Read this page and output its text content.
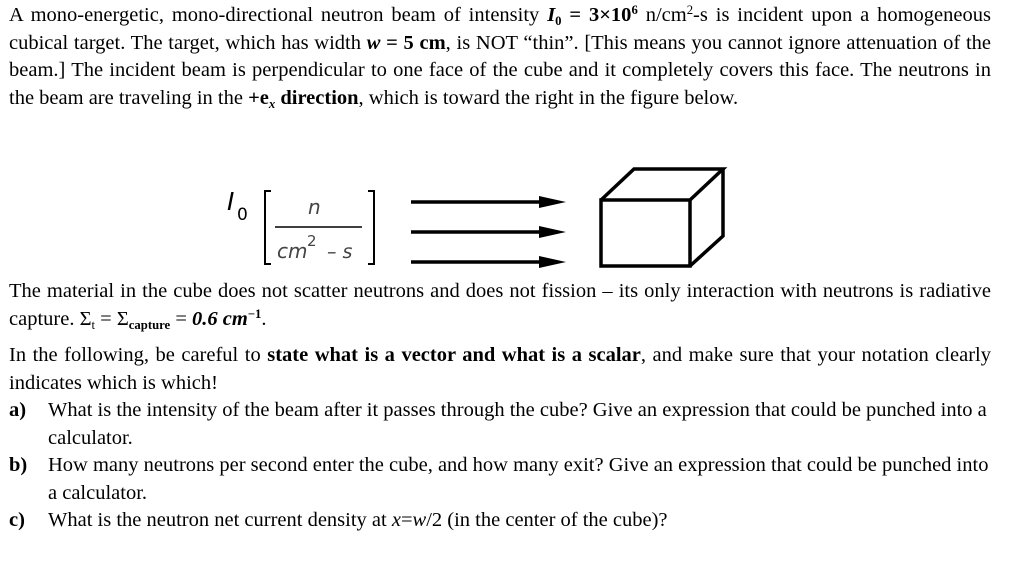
A mono-energetic, mono-directional neutron beam of intensity $I_0 = 3\times 10^6$ $n/cm^2-s$ is incident upon a homogeneous cubical target. The target, which has width w = 5 cm, is NOT “thin”. [This means you cannot ignore attenuation of the beam.] The incident beam is perpendicular to one face of the cube and it completely covers this face. The neutrons in the beam are traveling in the $+e_x$ direction, which is toward the right in the figure below.

I 0	n
cm 2 – s

The material in the cube does not scatter neutrons and does not fission – its only interaction with neutrons is radiative capture. $\Sigma_t = \Sigma_{capture} = 0.6$ $cm^{-1}$.

In the following, be careful to state what is a vector and what is a scalar, and make sure that your notation clearly indicates which is which!

a) What is the intensity of the beam after it passes through the cube? Give an expression that could be punched into a calculator.
b) How many neutrons per second enter the cube, and how many exit? Give an expression that could be punched into a calculator.
c) What is the neutron net current density at x=w/2 (in the center of the cube)?
